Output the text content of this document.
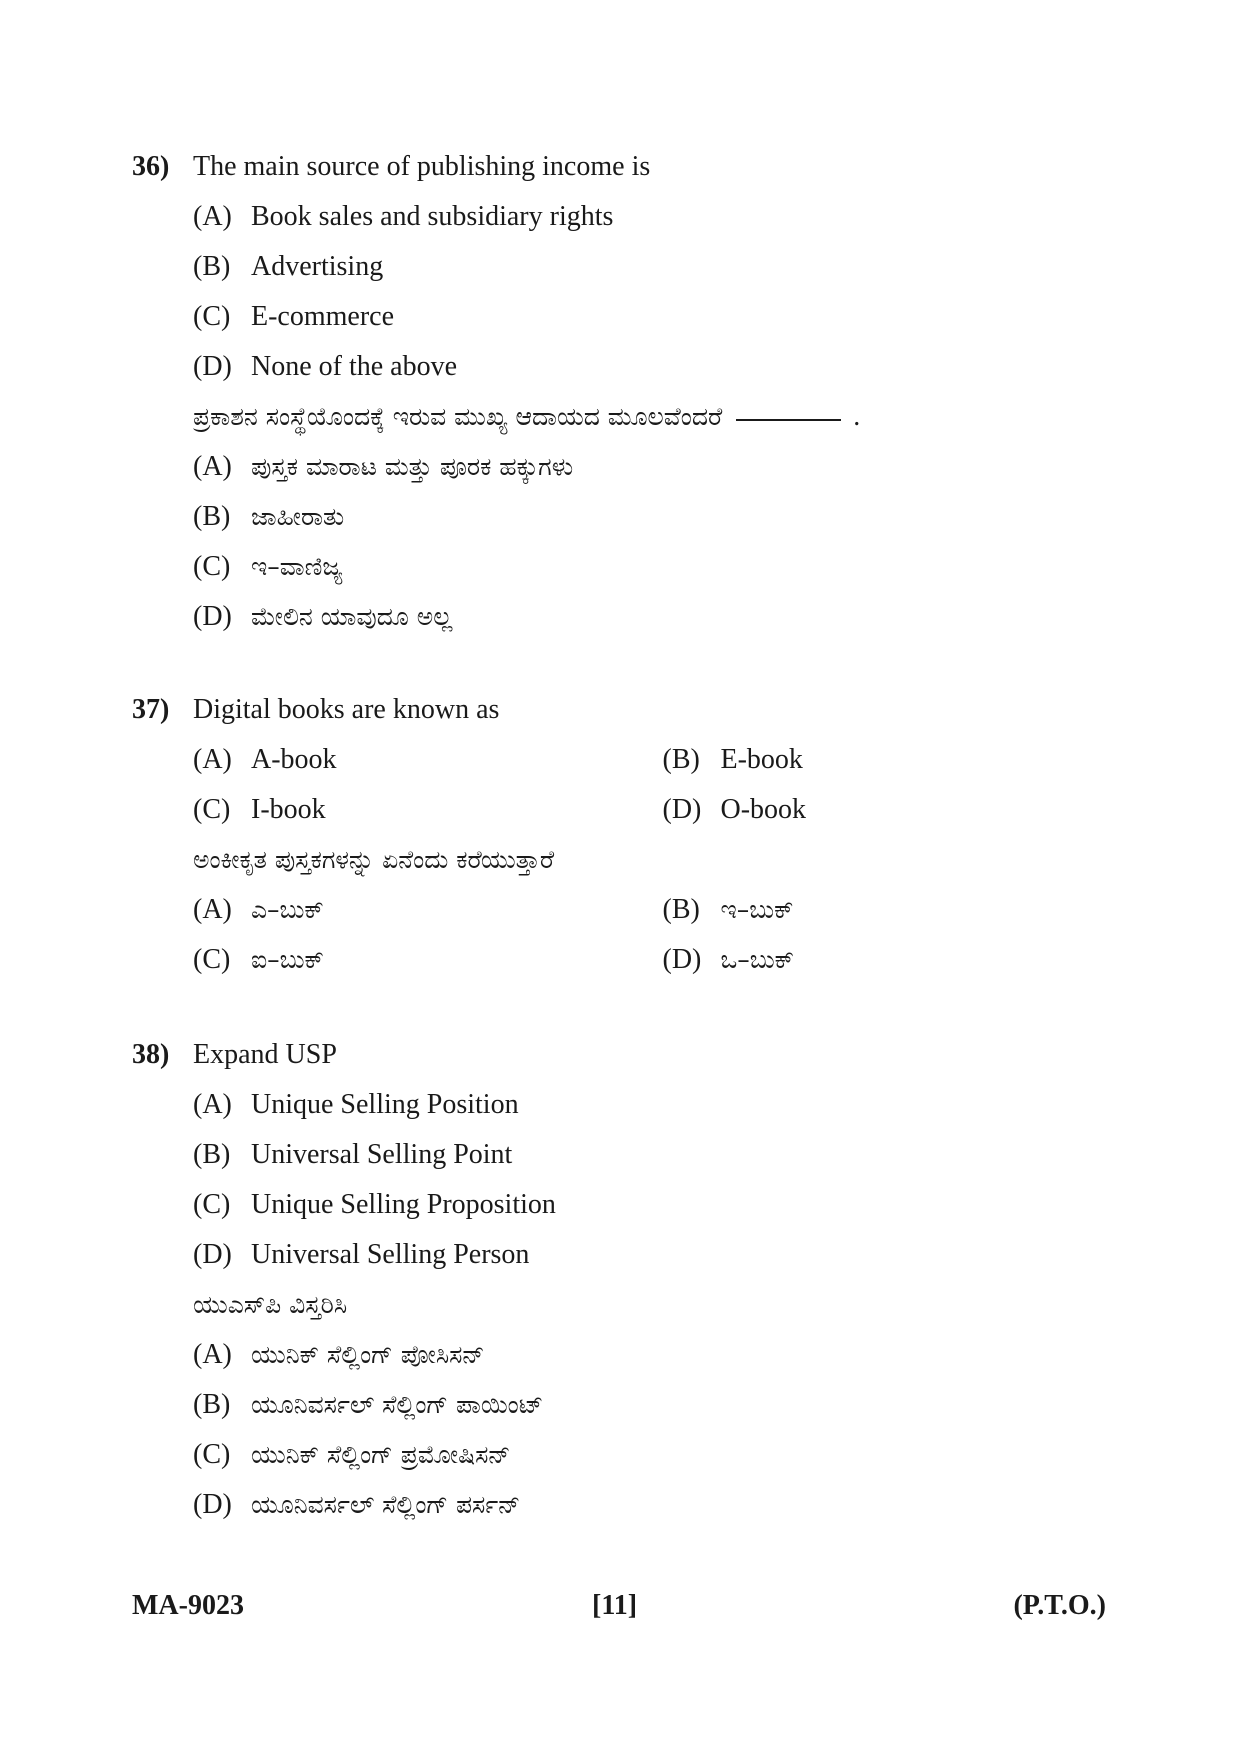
36) The main source of publishing income is
(A) Book sales and subsidiary rights
(B) Advertising
(C) E-commerce
(D) None of the above
ಪ್ರಕಾಶನ ಸಂಸ್ಥೆಯೊಂದಕ್ಕೆ ಇರುವ ಮುಖ್ಯ ಆದಾಯದ ಮೂಲವೆಂದರೆ	.
(A) ಪುಸ್ತಕ ಮಾರಾಟ ಮತ್ತು ಪೂರಕ ಹಕ್ಕುಗಳು
(B) ಜಾಹೀರಾತು
(C) ಇ–ವಾಣಿಜ್ಯ
(D) ಮೇಲಿನ ಯಾವುದೂ ಅಲ್ಲ
37) Digital books are known as
(A) A-book	(B) E-book
(C) I-book	(D) O-book
ಅಂಕೀಕೃತ ಪುಸ್ತಕಗಳನ್ನು ಏನೆಂದು ಕರೆಯುತ್ತಾರೆ
(A) ಎ–ಬುಕ್	(B) ಇ–ಬುಕ್
(C) ಐ–ಬುಕ್	(D) ಒ–ಬುಕ್
38) Expand USP
(A) Unique Selling Position
(B) Universal Selling Point
(C) Unique Selling Proposition
(D) Universal Selling Person
ಯುಎಸ್‌ಪಿ ವಿಸ್ತರಿಸಿ
(A) ಯುನಿಕ್ ಸೆಲ್ಲಿಂಗ್ ಪೋಸಿಸನ್
(B) ಯೂನಿವರ್ಸಲ್ ಸೆಲ್ಲಿಂಗ್ ಪಾಯಿಂಟ್
(C) ಯುನಿಕ್ ಸೆಲ್ಲಿಂಗ್ ಪ್ರಮೋಷಿಸನ್
(D) ಯೂನಿವರ್ಸಲ್ ಸೆಲ್ಲಿಂಗ್ ಪರ್ಸನ್
MA-9023	[11]	(P.T.O.)
